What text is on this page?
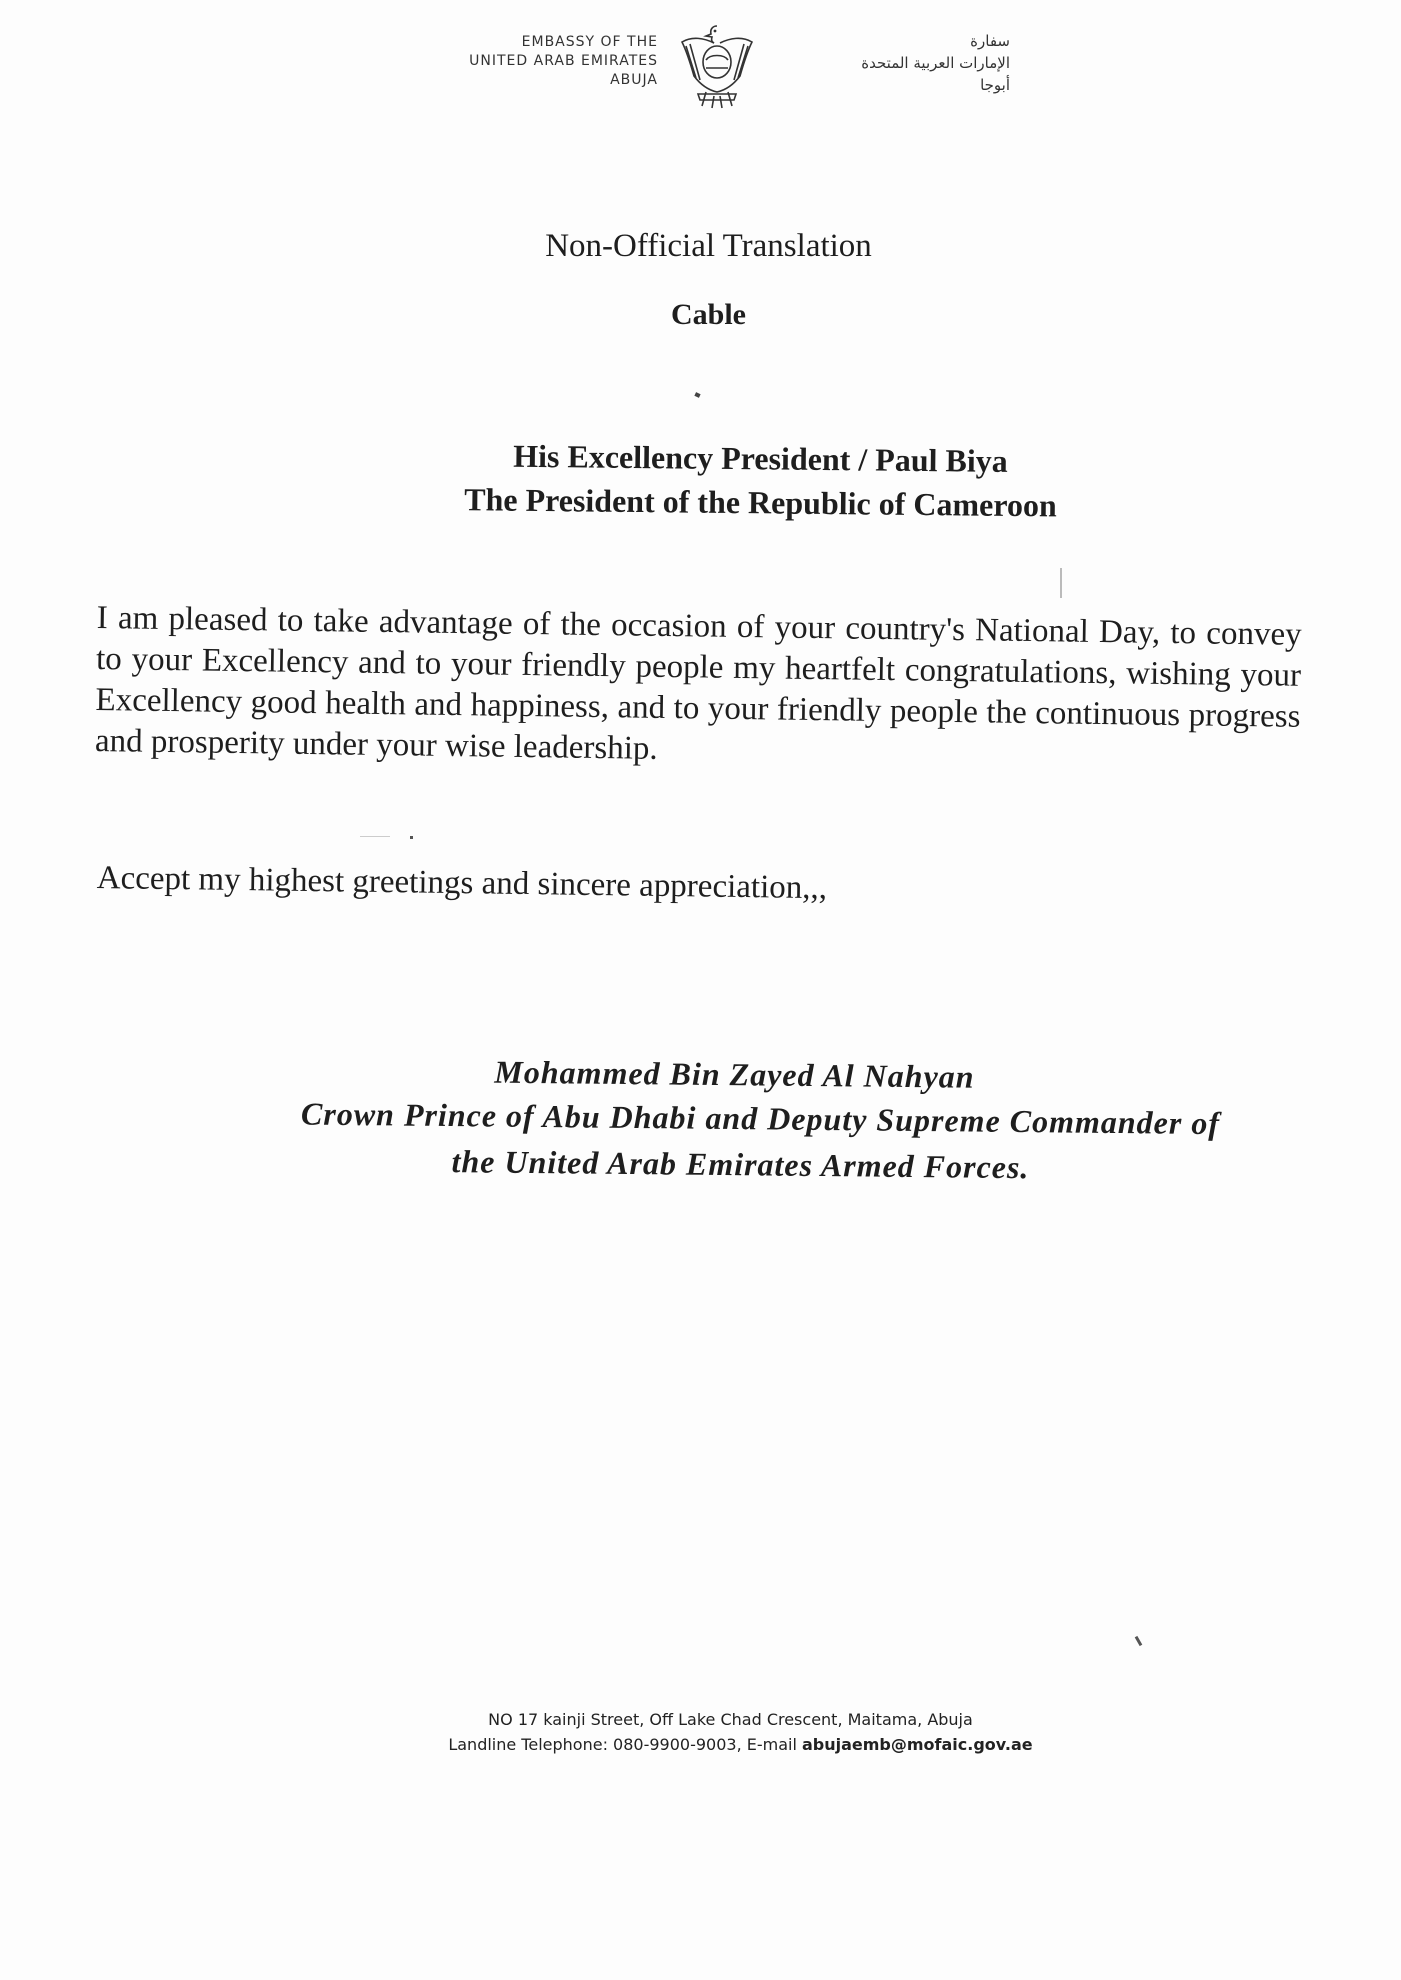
EMBASSY OF THE
UNITED ARAB EMIRATES
ABUJA
سفارة
الإمارات العربية المتحدة
أبوجا
Non-Official Translation
Cable
His Excellency President / Paul Biya
The President of the Republic of Cameroon
I am pleased to take advantage of the occasion of your country's National Day, to convey to your Excellency and to your friendly people my heartfelt congratulations, wishing your Excellency good health and happiness, and to your friendly people the continuous progress and prosperity under your wise leadership.
Accept my highest greetings and sincere appreciation,,,
Mohammed Bin Zayed Al Nahyan
Crown Prince of Abu Dhabi and Deputy Supreme Commander of
the United Arab Emirates Armed Forces.
NO 17 kainji Street, Off Lake Chad Crescent, Maitama, Abuja
Landline Telephone: 080-9900-9003, E-mail abujaemb@mofaic.gov.ae
